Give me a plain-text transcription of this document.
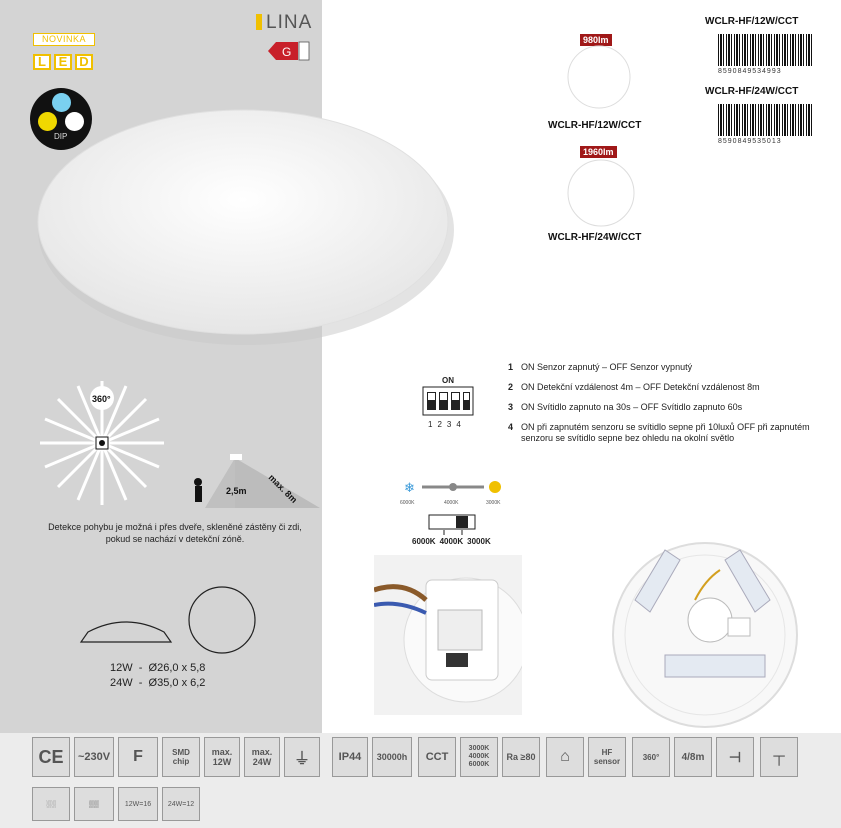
NOVINKA
L E D
DIP
LINA
G
980lm
WCLR-HF/12W/CCT
1960lm
WCLR-HF/24W/CCT
WCLR-HF/12W/CCT
8590849534993
WCLR-HF/24W/CCT
8590849535013
360°
2,5m max. 8m
Detekce pohybu je možná i přes dveře, skleněné zástěny či zdi, pokud se nachází v detekční zóně.
12W - Ø26,0 x 5,8
24W - Ø35,0 x 6,2
ON
1 2 3 4
1 ON Senzor zapnutý – OFF Senzor vypnutý
2 ON Detekční vzdálenost 4m – OFF Detekční vzdálenost 8m
3 ON Svítidlo zapnuto na 30s – OFF Svítidlo zapnuto 60s
4 ON při zapnutém senzoru se svítidlo sepne při 10luxů OFF při zapnutém senzoru se svítidlo sepne bez ohledu na okolní světlo
❄
6000K	4000K	3000K
6000K 4000K 3000K
CE	~230V	F	SMD chip
max. 12W
max. 24W	⏚	IP44	30000h	CCT
3000K 4000K 6000K
Ra ≥80	⌂	HF sensor	360°	4/8m	⊣	┬
░░	▒▒	12W=16	24W=12
